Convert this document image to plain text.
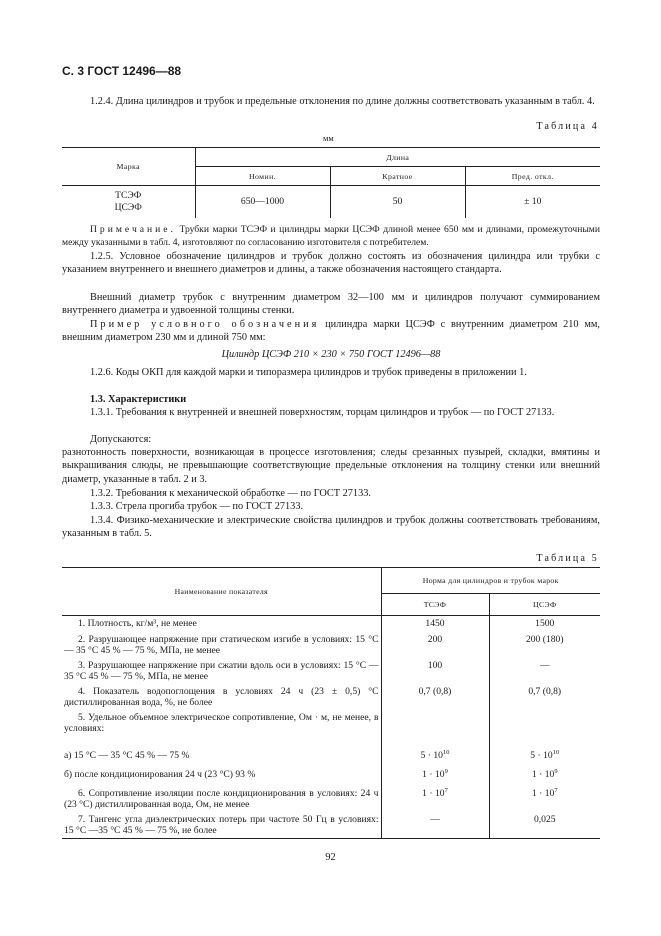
С. 3 ГОСТ 12496—88

1.2.4. Длина цилиндров и трубок и предельные отклонения по длине должны соответствовать указанным в табл. 4.

Таблица 4
мм
Марка	Длина		
	Номин.	Кратное	Пред. откл.

ТСЭФ
ЦСЭФ	650—1000	50	± 10

Примечание. Трубки марки ТСЭФ и цилиндры марки ЦСЭФ длиной менее 650 мм и длинами, промежуточными между указанными в табл. 4, изготовляют по согласованию изготовителя с потребителем.

1.2.5. Условное обозначение цилиндров и трубок должно состоять из обозначения цилиндра или трубки с указанием внутреннего и внешнего диаметров и длины, а также обозначения настоящего стандарта.

Внешний диаметр трубок с внутренним диаметром 32—100 мм и цилиндров получают суммированием внутреннего диаметра и удвоенной толщины стенки.

Пример условного обозначения цилиндра марки ЦСЭФ с внутренним диаметром 210 мм, внешним диаметром 230 мм и длиной 750 мм:

Цилиндр ЦСЭФ 210 × 230 × 750 ГОСТ 12496—88

1.2.6. Коды ОКП для каждой марки и типоразмера цилиндров и трубок приведены в приложении 1.

1.3. Характеристики

1.3.1. Требования к внутренней и внешней поверхностям, торцам цилиндров и трубок — по ГОСТ 27133.

Допускаются:

разнотонность поверхности, возникающая в процессе изготовления; следы срезанных пузырей, складки, вмятины и выкрашивания слюды, не превышающие соответствующие предельные отклонения на толщину стенки или внешний диаметр, указанные в табл. 2 и 3.

1.3.2. Требования к механической обработке — по ГОСТ 27133.

1.3.3. Стрела прогиба трубок — по ГОСТ 27133.

1.3.4. Физико-механические и электрические свойства цилиндров и трубок должны соответствовать требованиям, указанным в табл. 5.

Таблица 5
Наименование показателя	Норма для цилиндров и трубок марок	
	ТСЭФ	ЦСЭФ
1. Плотность, кг/м³, не менее	1450	1500
2. Разрушающее напряжение при статическом изгибе в условиях: 15 °С — 35 °С 45 % — 75 %, МПа, не менее	200	200 (180)
3. Разрушающее напряжение при сжатии вдоль оси в условиях: 15 °С — 35 °С 45 % — 75 %, МПа, не менее	100	—
4. Показатель водопоглощения в условиях 24 ч (23 ± 0,5) °С дистиллированная вода, %, не более	0,7 (0,8)	0,7 (0,8)
5. Удельное объемное электрическое сопротивление, Ом · м, не менее, в условиях:		
а) 15 °С — 35 °С 45 % — 75 %	$5 \cdot 10^{10}$	$5 \cdot 10^{10}$
б) после кондиционирования 24 ч (23 °С) 93 %	$1 \cdot 10^9$	$1 \cdot 10^9$
6. Сопротивление изоляции после кондиционирования в условиях: 24 ч (23 °С) дистиллированная вода, Ом, не менее	$1 \cdot 10^7$	$1 \cdot 10^7$
7. Тангенс угла диэлектрических потерь при частоте 50 Гц в условиях: 15 °С —35 °С 45 % — 75 %, не более	—	0,025
92
